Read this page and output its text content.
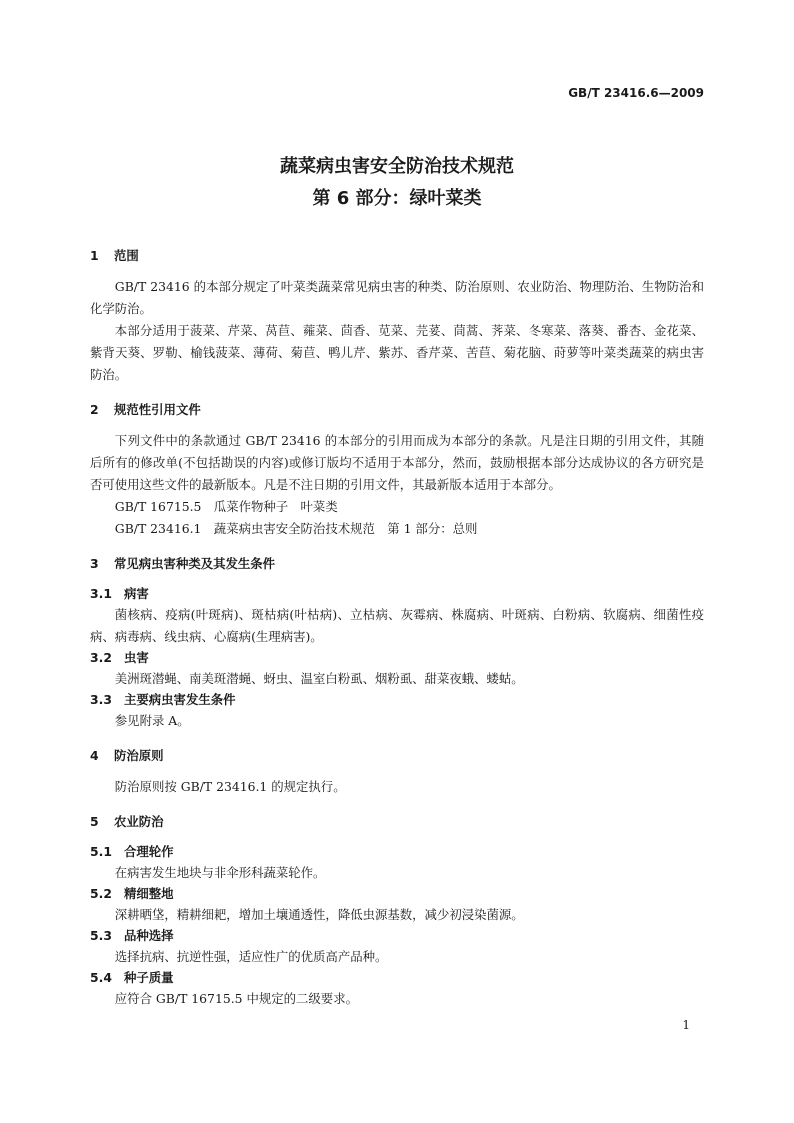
GB/T 23416.6—2009
蔬菜病虫害安全防治技术规范
第 6 部分：绿叶菜类
1 范围
GB/T 23416 的本部分规定了叶菜类蔬菜常见病虫害的种类、防治原则、农业防治、物理防治、生物防治和化学防治。
本部分适用于菠菜、芹菜、莴苣、蕹菜、茴香、苋菜、芫荽、茼蒿、荠菜、冬寒菜、落葵、番杏、金花菜、紫背天葵、罗勒、榆钱菠菜、薄荷、菊苣、鸭儿芹、紫苏、香芹菜、苦苣、菊花脑、莳萝等叶菜类蔬菜的病虫害防治。
2 规范性引用文件
下列文件中的条款通过 GB/T 23416 的本部分的引用而成为本部分的条款。凡是注日期的引用文件，其随后所有的修改单(不包括勘误的内容)或修订版均不适用于本部分，然而，鼓励根据本部分达成协议的各方研究是否可使用这些文件的最新版本。凡是不注日期的引用文件，其最新版本适用于本部分。
GB/T 16715.5　瓜菜作物种子　叶菜类
GB/T 23416.1　蔬菜病虫害安全防治技术规范　第 1 部分：总则
3 常见病虫害种类及其发生条件
3.1 病害
菌核病、疫病(叶斑病)、斑枯病(叶枯病)、立枯病、灰霉病、株腐病、叶斑病、白粉病、软腐病、细菌性疫病、病毒病、线虫病、心腐病(生理病害)。
3.2 虫害
美洲斑潜蝇、南美斑潜蝇、蚜虫、温室白粉虱、烟粉虱、甜菜夜蛾、蝼蛄。
3.3 主要病虫害发生条件
参见附录 A。
4 防治原则
防治原则按 GB/T 23416.1 的规定执行。
5 农业防治
5.1 合理轮作
在病害发生地块与非伞形科蔬菜轮作。
5.2 精细整地
深耕晒垡，精耕细耙，增加土壤通透性，降低虫源基数，减少初浸染菌源。
5.3 品种选择
选择抗病、抗逆性强，适应性广的优质高产品种。
5.4 种子质量
应符合 GB/T 16715.5 中规定的二级要求。
1
